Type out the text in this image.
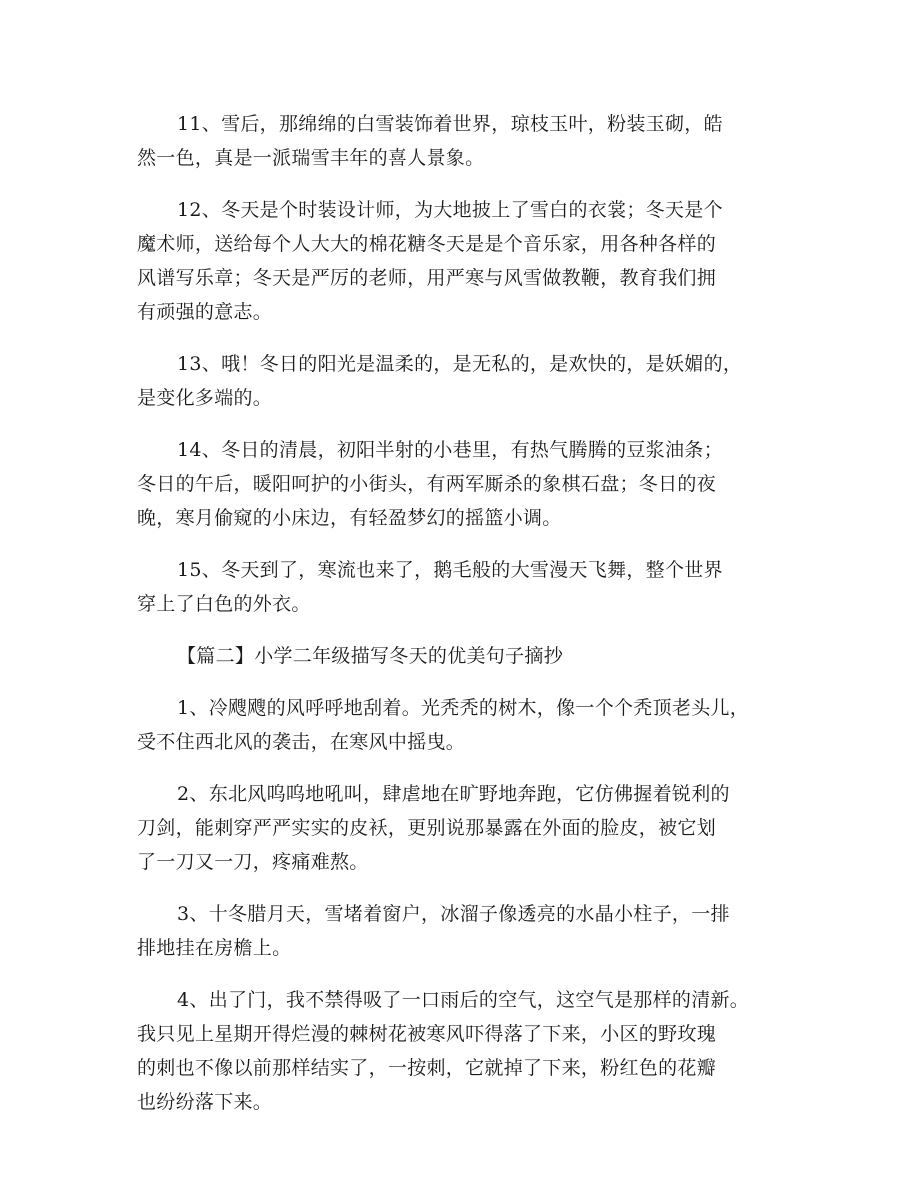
11、雪后，那绵绵的白雪装饰着世界，琼枝玉叶，粉装玉砌，皓
然一色，真是一派瑞雪丰年的喜人景象。

12、冬天是个时装设计师，为大地披上了雪白的衣裳；冬天是个
魔术师，送给每个人大大的棉花糖冬天是是个音乐家，用各种各样的
风谱写乐章；冬天是严厉的老师，用严寒与风雪做教鞭，教育我们拥
有顽强的意志。

13、哦！冬日的阳光是温柔的，是无私的，是欢快的，是妖媚的，
是变化多端的。

14、冬日的清晨，初阳半射的小巷里，有热气腾腾的豆浆油条；
冬日的午后，暖阳呵护的小街头，有两军厮杀的象棋石盘；冬日的夜
晚，寒月偷窥的小床边，有轻盈梦幻的摇篮小调。

15、冬天到了，寒流也来了，鹅毛般的大雪漫天飞舞，整个世界
穿上了白色的外衣。

【篇二】小学二年级描写冬天的优美句子摘抄

1、冷飕飕的风呼呼地刮着。光秃秃的树木，像一个个秃顶老头儿，
受不住西北风的袭击，在寒风中摇曳。

2、东北风呜呜地吼叫，肆虐地在旷野地奔跑，它仿佛握着锐利的
刀剑，能刺穿严严实实的皮袄，更别说那暴露在外面的脸皮，被它划
了一刀又一刀，疼痛难熬。

3、十冬腊月天，雪堵着窗户，冰溜子像透亮的水晶小柱子，一排
排地挂在房檐上。

4、出了门，我不禁得吸了一口雨后的空气，这空气是那样的清新。
我只见上星期开得烂漫的棘树花被寒风吓得落了下来，小区的野玫瑰
的刺也不像以前那样结实了，一按刺，它就掉了下来，粉红色的花瓣
也纷纷落下来。
